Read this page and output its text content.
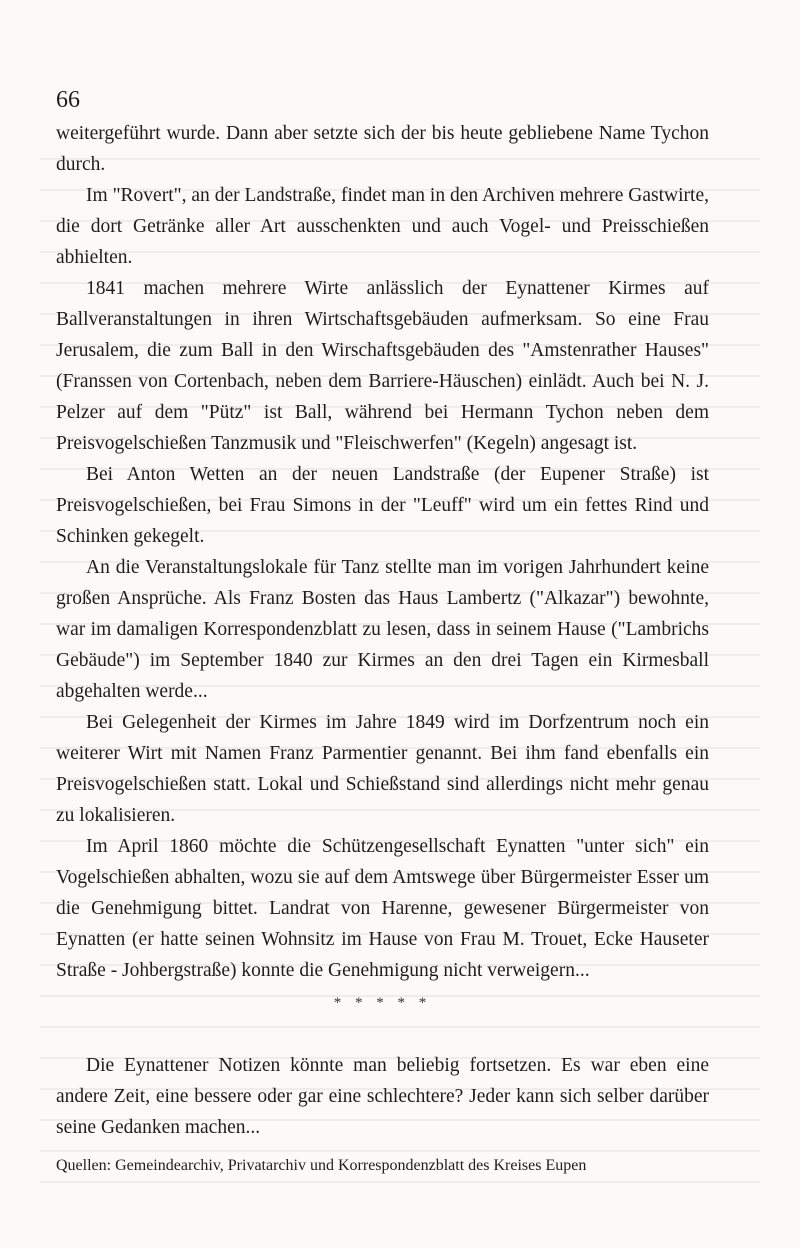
66

weitergeführt wurde. Dann aber setzte sich der bis heute gebliebene Name Tychon durch.

Im "Rovert", an der Landstraße, findet man in den Archiven mehrere Gastwirte, die dort Getränke aller Art ausschenkten und auch Vogel- und Preisschießen abhielten.

1841 machen mehrere Wirte anlässlich der Eynattener Kirmes auf Ballveranstaltungen in ihren Wirtschaftsgebäuden aufmerksam. So eine Frau Jerusalem, die zum Ball in den Wirschaftsgebäuden des "Amstenrather Hauses" (Franssen von Cortenbach, neben dem Barriere-Häuschen) einlädt. Auch bei N. J. Pelzer auf dem "Pütz" ist Ball, während bei Hermann Tychon neben dem Preisvogelschießen Tanzmusik und "Fleischwerfen" (Kegeln) angesagt ist.

Bei Anton Wetten an der neuen Landstraße (der Eupener Straße) ist Preisvogelschießen, bei Frau Simons in der "Leuff" wird um ein fettes Rind und Schinken gekegelt.

An die Veranstaltungslokale für Tanz stellte man im vorigen Jahrhundert keine großen Ansprüche. Als Franz Bosten das Haus Lambertz ("Alkazar") bewohnte, war im damaligen Korrespondenzblatt zu lesen, dass in seinem Hause ("Lambrichs Gebäude") im September 1840 zur Kirmes an den drei Tagen ein Kirmesball abgehalten werde...

Bei Gelegenheit der Kirmes im Jahre 1849 wird im Dorfzentrum noch ein weiterer Wirt mit Namen Franz Parmentier genannt. Bei ihm fand ebenfalls ein Preisvogelschießen statt. Lokal und Schießstand sind allerdings nicht mehr genau zu lokalisieren.

Im April 1860 möchte die Schützengesellschaft Eynatten "unter sich" ein Vogelschießen abhalten, wozu sie auf dem Amtswege über Bürgermeister Esser um die Genehmigung bittet. Landrat von Harenne, gewesener Bürgermeister von Eynatten (er hatte seinen Wohnsitz im Hause von Frau M. Trouet, Ecke Hauseter Straße - Johbergstraße) konnte die Genehmigung nicht verweigern...

* * * * *

Die Eynattener Notizen könnte man beliebig fortsetzen. Es war eben eine andere Zeit, eine bessere oder gar eine schlechtere? Jeder kann sich selber darüber seine Gedanken machen...

Quellen: Gemeindearchiv, Privatarchiv und Korrespondenzblatt des Kreises Eupen
